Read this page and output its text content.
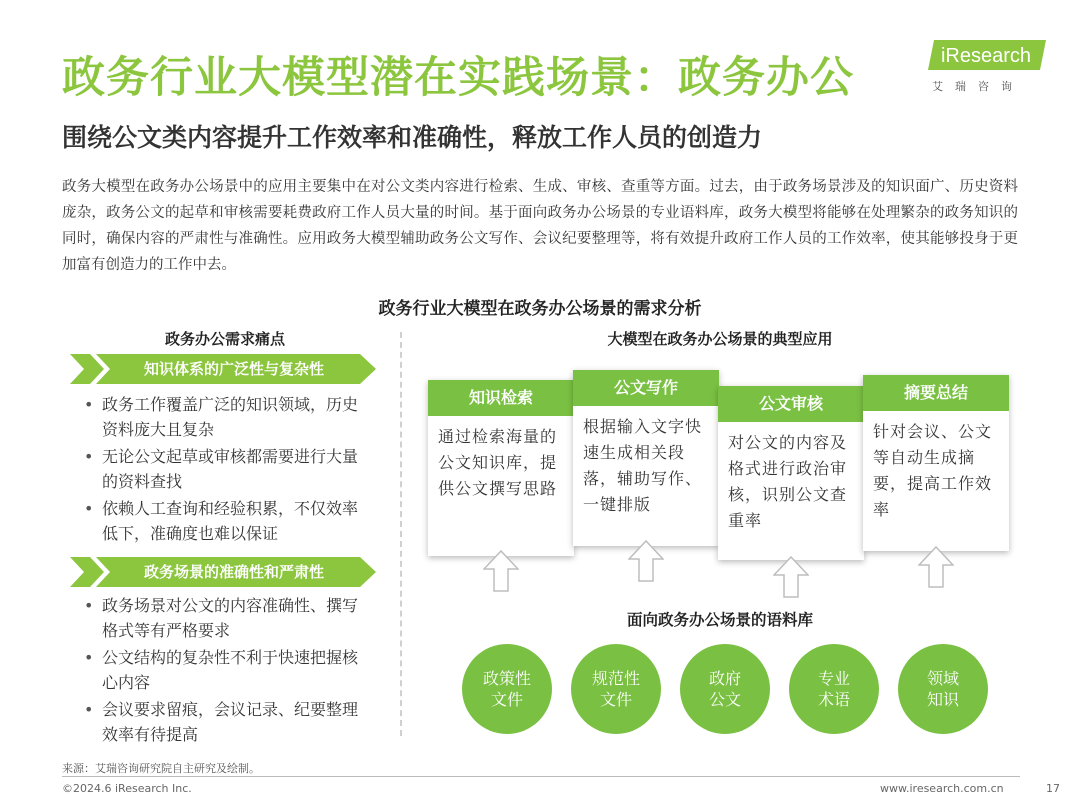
政务行业大模型潜在实践场景：政务办公	iResearch
艾瑞咨询
围绕公文类内容提升工作效率和准确性，释放工作人员的创造力
政务大模型在政务办公场景中的应用主要集中在对公文类内容进行检索、生成、审核、查重等方面。过去，由于政务场景涉及的知识面广、历史资料庞杂，政务公文的起草和审核需要耗费政府工作人员大量的时间。基于面向政务办公场景的专业语料库，政务大模型将能够在处理繁杂的政务知识的同时，确保内容的严肃性与准确性。应用政务大模型辅助政务公文写作、会议纪要整理等，将有效提升政府工作人员的工作效率，使其能够投身于更加富有创造力的工作中去。
政务行业大模型在政务办公场景的需求分析
政务办公需求痛点
知识体系的广泛性与复杂性
• 政务工作覆盖广泛的知识领域，历史资料庞大且复杂
• 无论公文起草或审核都需要进行大量的资料查找
• 依赖人工查询和经验积累，不仅效率低下，准确度也难以保证
政务场景的准确性和严肃性
• 政务场景对公文的内容准确性、撰写格式等有严格要求
• 公文结构的复杂性不利于快速把握核心内容
• 会议要求留痕，会议记录、纪要整理效率有待提高
大模型在政务办公场景的典型应用
知识检索
通过检索海量的公文知识库，提供公文撰写思路
公文写作
根据输入文字快速生成相关段落，辅助写作、一键排版
公文审核
对公文的内容及格式进行政治审核，识别公文查重率
摘要总结
针对会议、公文等自动生成摘要，提高工作效率
面向政务办公场景的语料库
政策性
文件
规范性
文件
政府
公文
专业
术语
领域
知识
来源：艾瑞咨询研究院自主研究及绘制。
©2024.6 iResearch Inc.	www.iresearch.com.cn	17
